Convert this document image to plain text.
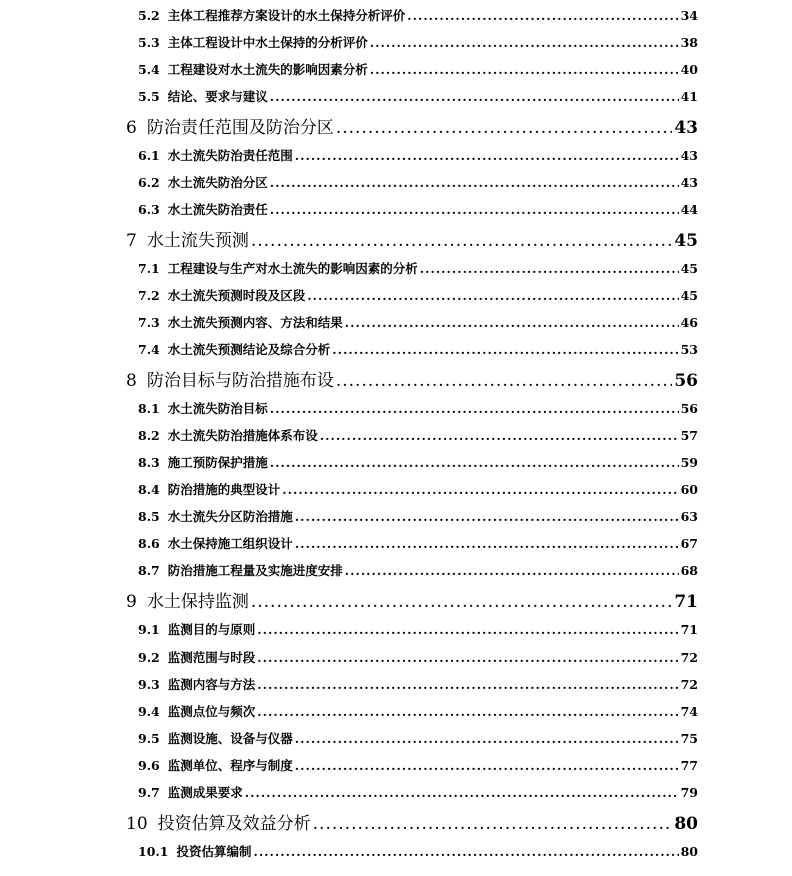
5.2 主体工程推荐方案设计的水土保持分析评价 .....	34
5.3 主体工程设计中水土保持的分析评价 .....	38
5.4 工程建设对水土流失的影响因素分析 .....	40
5.5 结论、要求与建议 .....	41
6 防治责任范围及防治分区 .....	43
6.1 水土流失防治责任范围 .....	43
6.2 水土流失防治分区 .....	43
6.3 水土流失防治责任 .....	44
7 水土流失预测 .....	45
7.1 工程建设与生产对水土流失的影响因素的分析 .....	45
7.2 水土流失预测时段及区段 .....	45
7.3 水土流失预测内容、方法和结果 .....	46
7.4 水土流失预测结论及综合分析 .....	53
8 防治目标与防治措施布设 .....	56
8.1 水土流失防治目标 .....	56
8.2 水土流失防治措施体系布设 .....	57
8.3 施工预防保护措施 .....	59
8.4 防治措施的典型设计 .....	60
8.5 水土流失分区防治措施 .....	63
8.6 水土保持施工组织设计 .....	67
8.7 防治措施工程量及实施进度安排 .....	68
9 水土保持监测 .....	71
9.1 监测目的与原则 .....	71
9.2 监测范围与时段 .....	72
9.3 监测内容与方法 .....	72
9.4 监测点位与频次 .....	74
9.5 监测设施、设备与仪器 .....	75
9.6 监测单位、程序与制度 .....	77
9.7 监测成果要求 .....	79
10 投资估算及效益分析 .....	80
10.1 投资估算编制 .....	80
